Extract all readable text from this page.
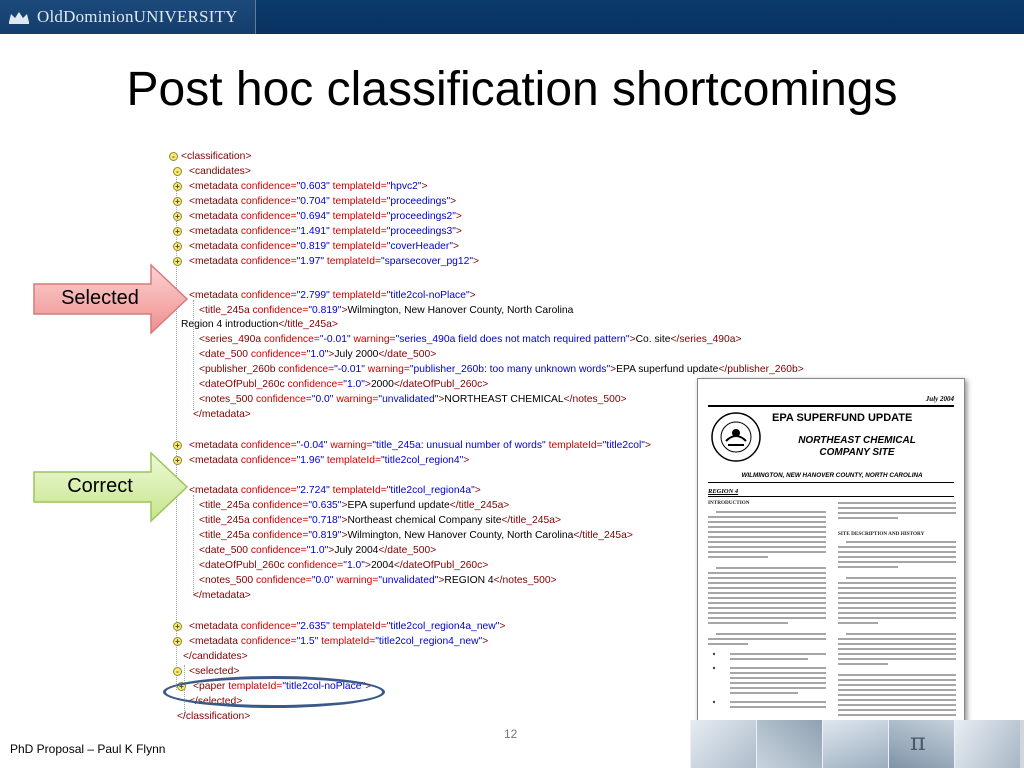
OldDominionUNIVERSITY
Post hoc classification shortcomings
- <classification>
- <candidates>
+ <metadata confidence="0.603" templateId="hpvc2">
+ <metadata confidence="0.704" templateId="proceedings">
+ <metadata confidence="0.694" templateId="proceedings2">
+ <metadata confidence="1.491" templateId="proceedings3">
+ <metadata confidence="0.819" templateId="coverHeader">
+ <metadata confidence="1.97" templateId="sparsecover_pg12">
<metadata confidence="2.799" templateId="title2col-noPlace">
<title_245a confidence="0.819">Wilmington, New Hanover County, North Carolina
Region 4 introduction</title_245a>
<series_490a confidence="-0.01" warning="series_490a field does not match required pattern">Co. site</series_490a>
<date_500 confidence="1.0">July 2000</date_500>
<publisher_260b confidence="-0.01" warning="publisher_260b: too many unknown words">EPA superfund update</publisher_260b>
<dateOfPubl_260c confidence="1.0">2000</dateOfPubl_260c>
<notes_500 confidence="0.0" warning="unvalidated">NORTHEAST CHEMICAL</notes_500>
</metadata>
+ <metadata confidence="-0.04" warning="title_245a: unusual number of words" templateId="title2col">
+ <metadata confidence="1.96" templateId="title2col_region4">
<metadata confidence="2.724" templateId="title2col_region4a">
<title_245a confidence="0.635">EPA superfund update</title_245a>
<title_245a confidence="0.718">Northeast chemical Company site</title_245a>
<title_245a confidence="0.819">Wilmington, New Hanover County, North Carolina</title_245a>
<date_500 confidence="1.0">July 2004</date_500>
<dateOfPubl_260c confidence="1.0">2004</dateOfPubl_260c>
<notes_500 confidence="0.0" warning="unvalidated">REGION 4</notes_500>
</metadata>
+ <metadata confidence="2.635" templateId="title2col_region4a_new">
+ <metadata confidence="1.5" templateId="title2col_region4_new">
</candidates>
- <selected>
+ <paper templateId="title2col-noPlace">
</selected>
</classification>
Selected
Correct
July 2004
EPA SUPERFUND UPDATE
NORTHEAST CHEMICAL COMPANY SITE
WILMINGTON, NEW HANOVER COUNTY, NORTH CAROLINA
REGION 4
INTRODUCTION
SITE DESCRIPTION AND HISTORY
π
12
PhD Proposal – Paul K Flynn
